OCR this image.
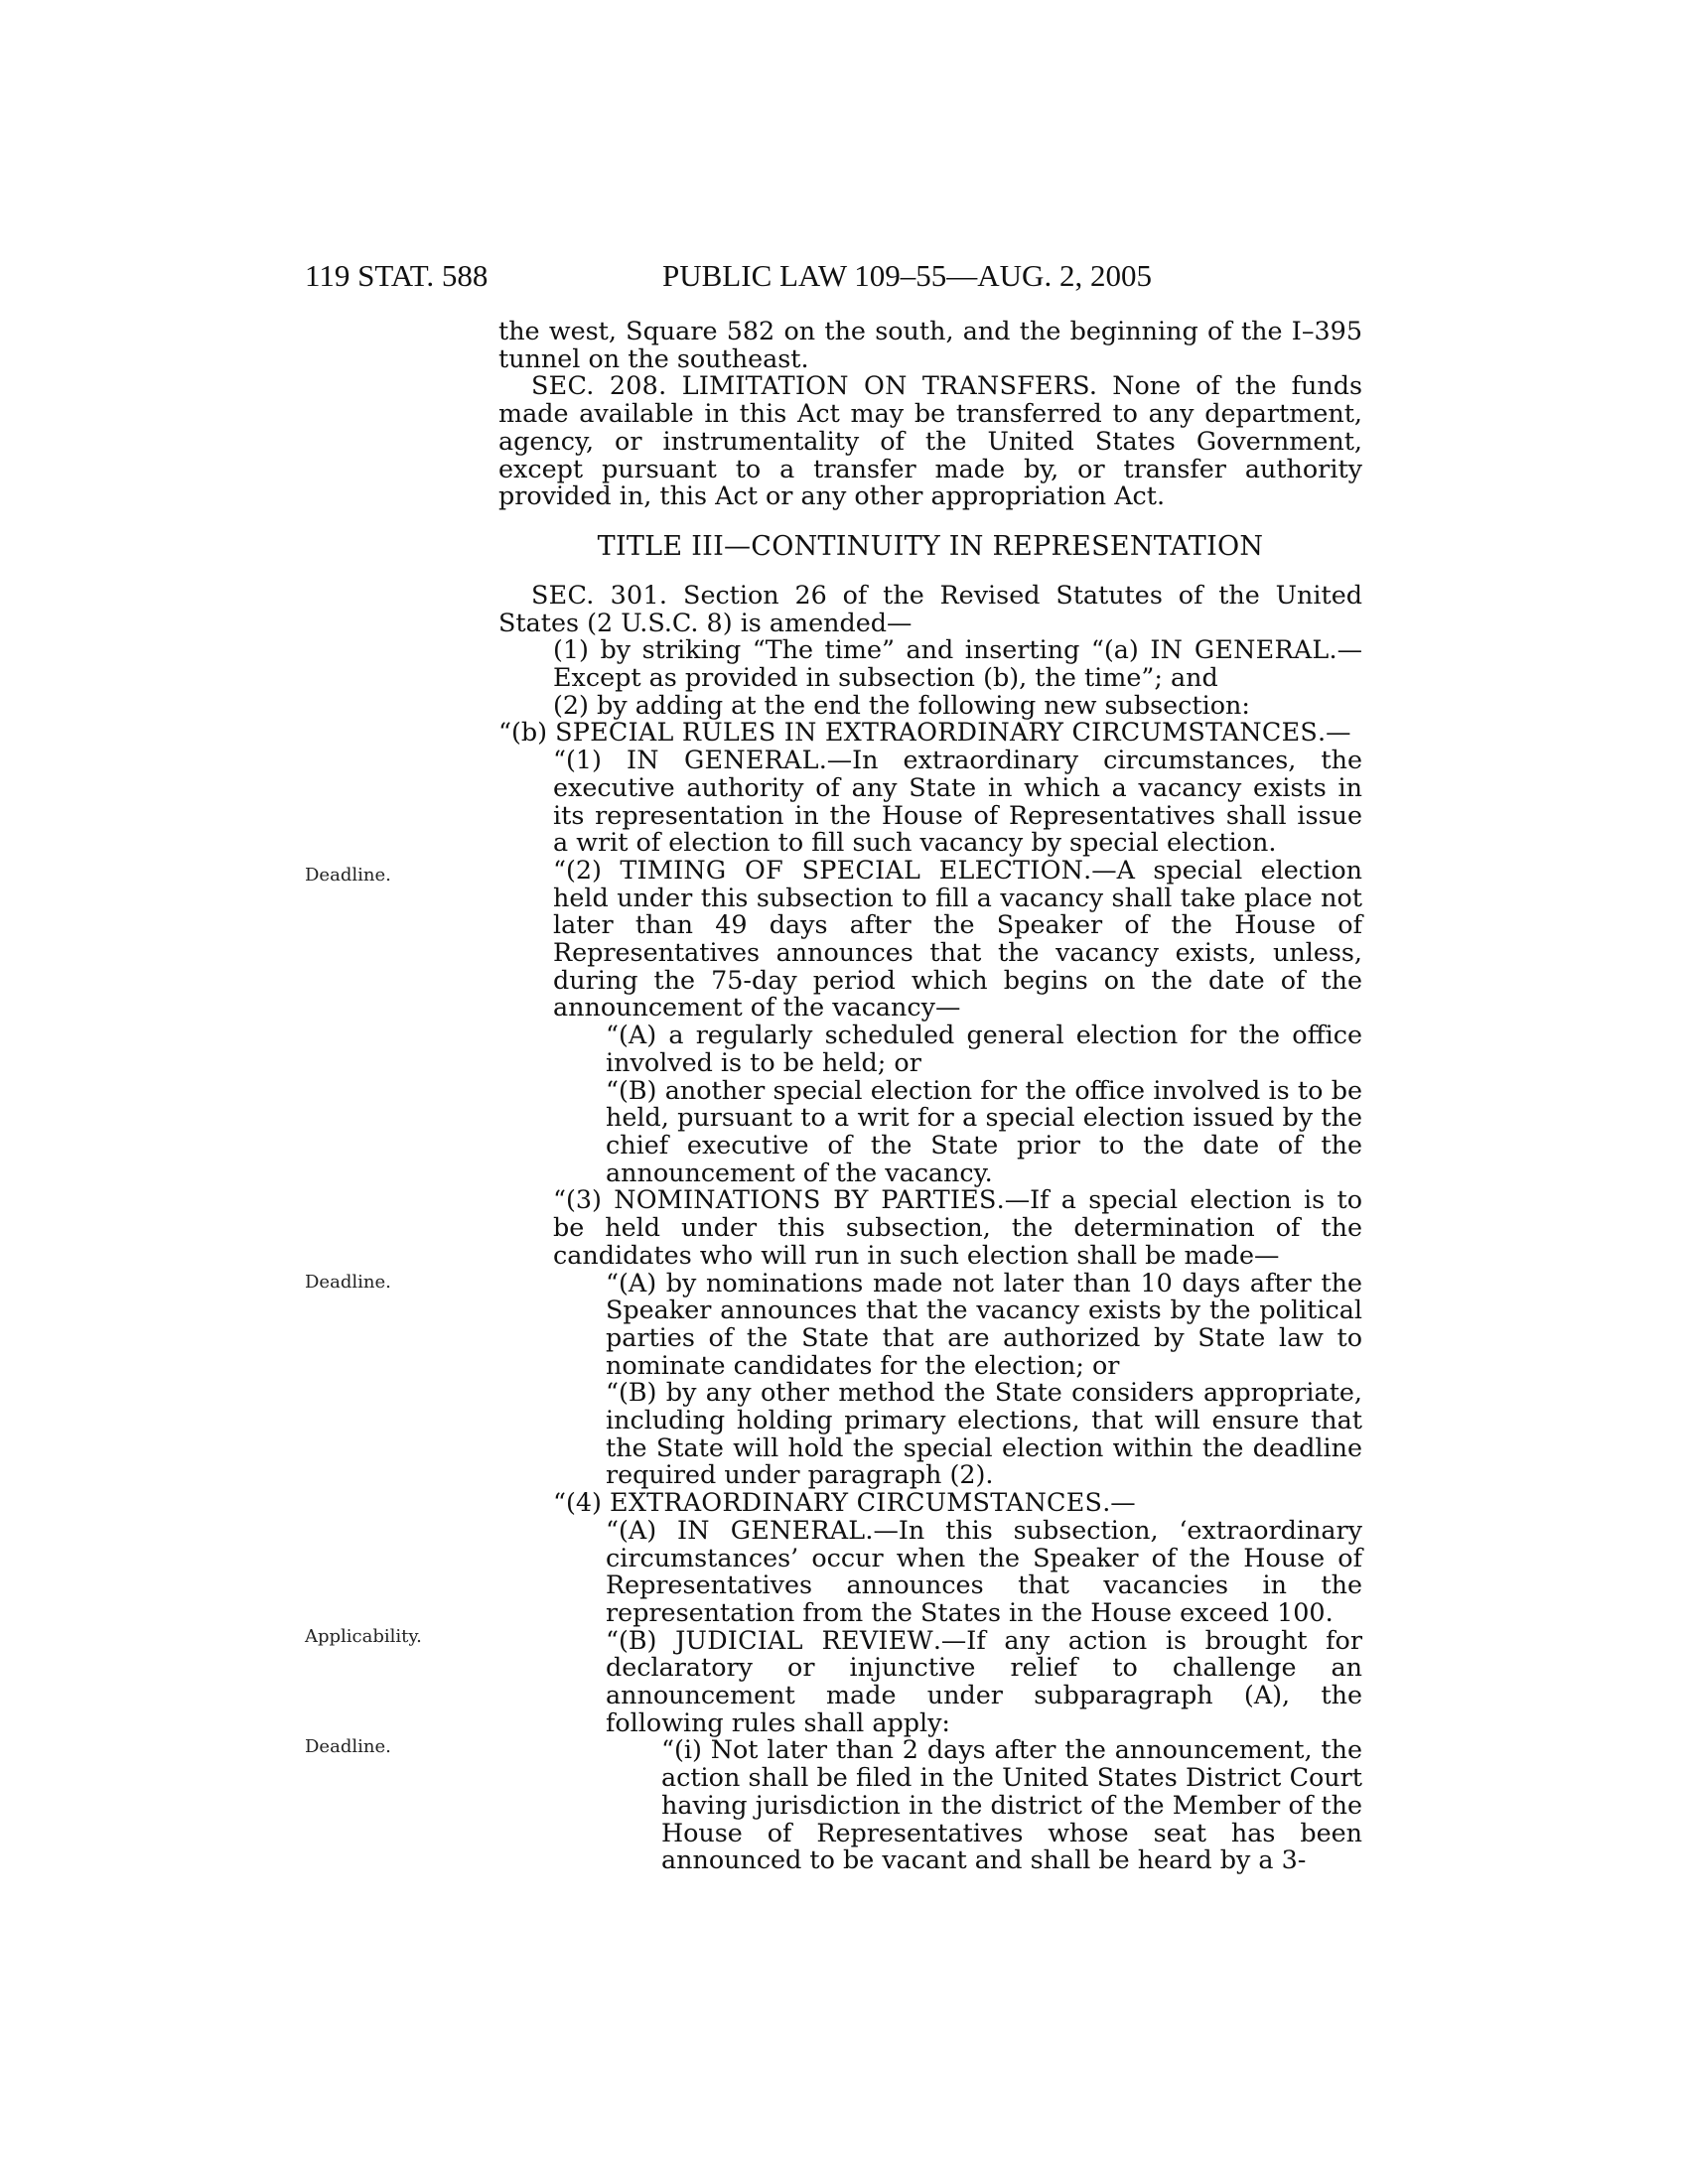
119 STAT. 588	PUBLIC LAW 109–55—AUG. 2, 2005
Deadline.
Deadline.
Applicability.
Deadline.

the west, Square 582 on the south, and the beginning of the I–395 tunnel on the southeast.

SEC. 208. LIMITATION ON TRANSFERS. None of the funds made available in this Act may be transferred to any department, agency, or instrumentality of the United States Government, except pursuant to a transfer made by, or transfer authority provided in, this Act or any other appropriation Act.

TITLE III—CONTINUITY IN REPRESENTATION

SEC. 301. Section 26 of the Revised Statutes of the United States (2 U.S.C. 8) is amended—

(1) by striking “The time” and inserting “(a) IN GENERAL.—Except as provided in subsection (b), the time”; and

(2) by adding at the end the following new subsection:

“(b) SPECIAL RULES IN EXTRAORDINARY CIRCUMSTANCES.—

“(1) IN GENERAL.—In extraordinary circumstances, the executive authority of any State in which a vacancy exists in its representation in the House of Representatives shall issue a writ of election to fill such vacancy by special election.

“(2) TIMING OF SPECIAL ELECTION.—A special election held under this subsection to fill a vacancy shall take place not later than 49 days after the Speaker of the House of Representatives announces that the vacancy exists, unless, during the 75-day period which begins on the date of the announcement of the vacancy—

“(A) a regularly scheduled general election for the office involved is to be held; or

“(B) another special election for the office involved is to be held, pursuant to a writ for a special election issued by the chief executive of the State prior to the date of the announcement of the vacancy.

“(3) NOMINATIONS BY PARTIES.—If a special election is to be held under this subsection, the determination of the candidates who will run in such election shall be made—

“(A) by nominations made not later than 10 days after the Speaker announces that the vacancy exists by the political parties of the State that are authorized by State law to nominate candidates for the election; or

“(B) by any other method the State considers appropriate, including holding primary elections, that will ensure that the State will hold the special election within the deadline required under paragraph (2).

“(4) EXTRAORDINARY CIRCUMSTANCES.—

“(A) IN GENERAL.—In this subsection, ‘extraordinary circumstances’ occur when the Speaker of the House of Representatives announces that vacancies in the representation from the States in the House exceed 100.

“(B) JUDICIAL REVIEW.—If any action is brought for declaratory or injunctive relief to challenge an announcement made under subparagraph (A), the following rules shall apply:

“(i) Not later than 2 days after the announcement, the action shall be filed in the United States District Court having jurisdiction in the district of the Member of the House of Representatives whose seat has been announced to be vacant and shall be heard by a 3-
